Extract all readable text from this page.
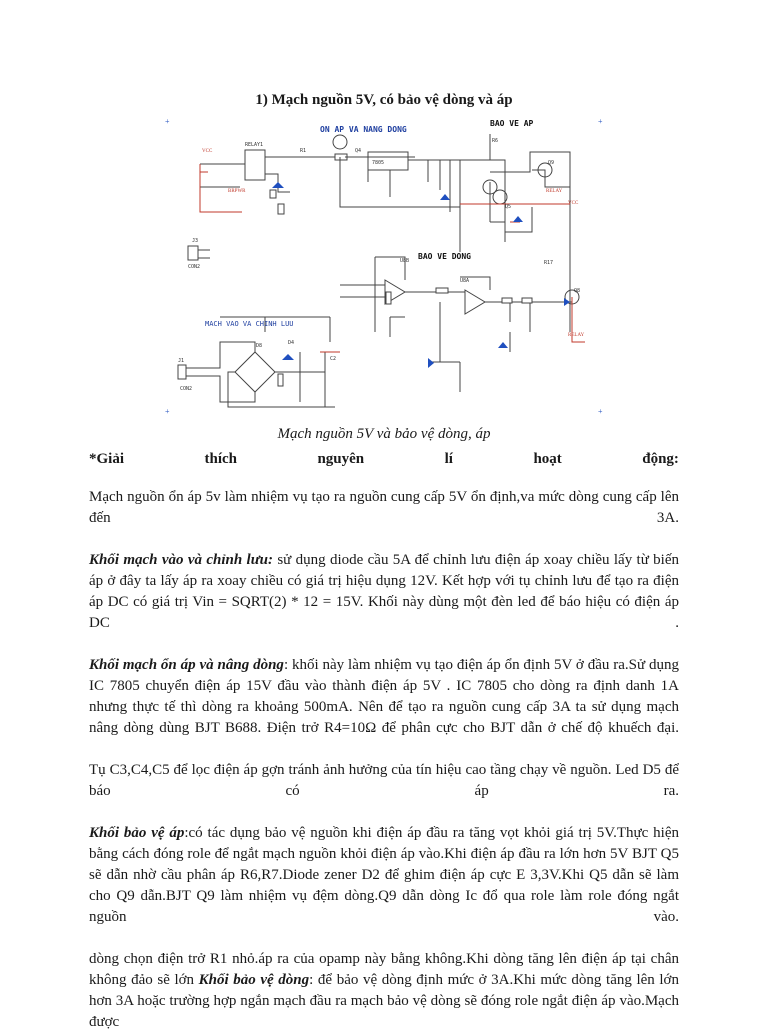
1) Mạch nguồn 5V, có bảo vệ dòng và áp
VCC
BRPWR
VCC
RELAY
RELAY
RELAY1
R1	Q4
7805
R6
Q5
Q9
J3
CON2
J1
CON2
D8	D4
C2
U8B
U8A
Q8
R17
ON AP VA NANG DONG
BAO VE AP
BAO VE DONG
MACH VAO VA CHINH LUU
+	+
+	+

Mạch nguồn 5V và bảo vệ dòng, áp

*Giải	thích	nguyên	lí	hoạt	động:

Mạch nguồn ổn áp 5v làm nhiệm vụ tạo ra nguồn cung cấp 5V ổn định,va mức dòng cung cấp lên đến 3A.

Khối mạch vào và chỉnh lưu: sử dụng diode cầu 5A để chỉnh lưu điện áp xoay chiều lấy từ biến áp ở đây ta lấy áp ra xoay chiều có giá trị hiệu dụng 12V. Kết hợp với tụ chỉnh lưu để tạo ra điện áp DC có giá trị Vin = SQRT(2) * 12 = 15V. Khối này dùng một đèn led để báo hiệu có điện áp DC .

Khối mạch ổn áp và nâng dòng: khối này làm nhiệm vụ tạo điện áp ổn định 5V ở đầu ra.Sử dụng IC 7805 chuyển điện áp 15V đầu vào thành điện áp 5V . IC 7805 cho dòng ra định danh 1A nhưng thực tế thì dòng ra khoảng 500mA. Nên để tạo ra nguồn cung cấp 3A ta sử dụng mạch nâng dòng dùng BJT B688. Điện trở R4=10Ω để phân cực cho BJT dẫn ở chế độ khuếch đại.

Tụ C3,C4,C5 để lọc điện áp gợn tránh ảnh hưởng của tín hiệu cao tầng chạy về nguồn. Led D5 để báo có áp ra.

Khối bảo vệ áp:có tác dụng bảo vệ nguồn khi điện áp đầu ra tăng vọt khỏi giá trị 5V.Thực hiện bằng cách đóng role để ngắt mạch nguồn khỏi điện áp vào.Khi điện áp đầu ra lớn hơn 5V BJT Q5 sẽ dẫn nhờ cầu phân áp R6,R7.Diode zener D2 để ghim điện áp cực E 3,3V.Khi Q5 dẫn sẽ làm cho Q9 dẫn.BJT Q9 làm nhiệm vụ đệm dòng.Q9 dẫn dòng Ic đổ qua role làm role đóng ngắt nguồn vào.

dòng chọn điện trở R1 nhỏ.áp ra của opamp này bằng không.Khi dòng tăng lên điện áp tại chân không đảo sẽ lớn Khối bảo vệ dòng: để bảo vệ dòng định mức ở 3A.Khi mức dòng tăng lên lớn hơn 3A hoặc trường hợp ngắn mạch đầu ra mạch bảo vệ dòng sẽ đóng role ngắt điện áp vào.Mạch được
